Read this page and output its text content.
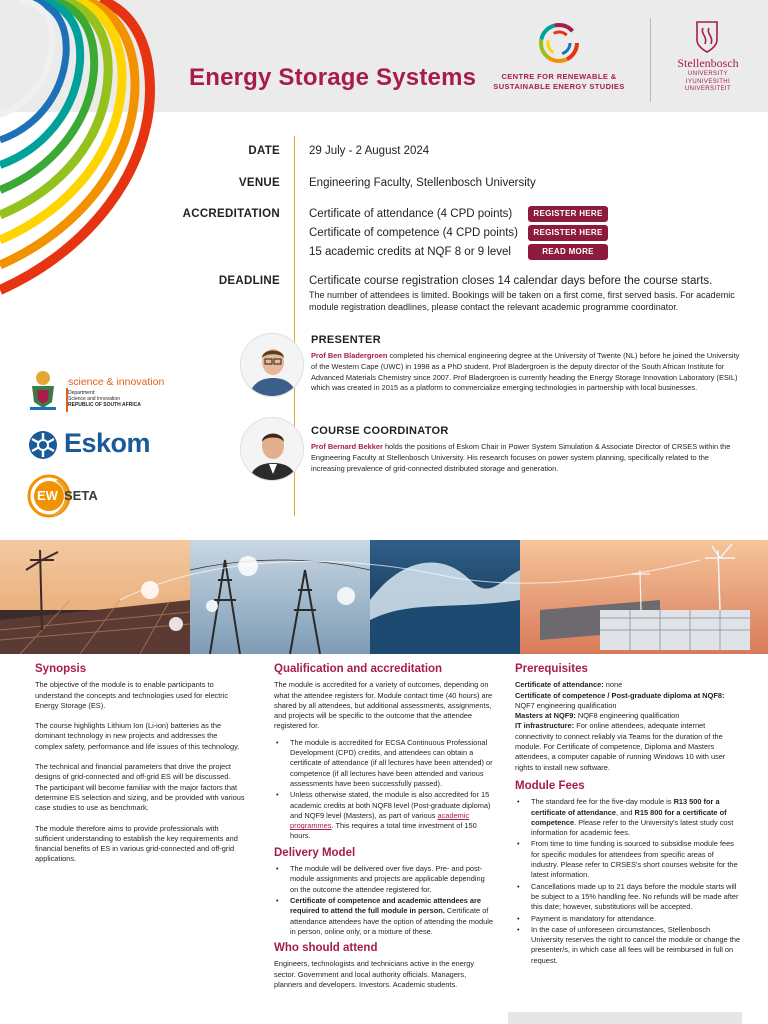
Energy Storage Systems	CENTRE FOR RENEWABLE &
SUSTAINABLE ENERGY STUDIES
Stellenbosch
UNIVERSITY
IYUNIVESITHI
UNIVERSITEIT
DATE	29 July - 2 August 2024
VENUE	Engineering Faculty, Stellenbosch University
ACCREDITATION	Certificate of attendance (4 CPD points)	REGISTER HERE
Certificate of competence (4 CPD points)	REGISTER HERE
15 academic credits at NQF 8 or 9 level	READ MORE
DEADLINE	Certificate course registration closes 14 calendar days before the course starts.
The number of attendees is limited. Bookings will be taken on a first come, first served basis. For academic module registration deadlines, please contact the relevant academic programme coordinator.
PRESENTER
Prof Ben Bladergroen completed his chemical engineering degree at the University of Twente (NL) before he joined the University of the Western Cape (UWC) in 1998 as a PhD student. Prof Bladergroen is the deputy director of the South African Institute for Advanced Materials Chemistry since 2007. Prof Bladergroen is currently heading the Energy Storage Innovation Laboratory (ESIL) which was created in 2015 as a platform to commercialize emerging technologies in partnership with local businesses.
COURSE COORDINATOR
Prof Bernard Bekker holds the positions of Eskom Chair in Power System Simulation & Associate Director of CRSES within the Engineering Faculty at Stellenbosch University. His research focuses on power system planning, specifically related to the increasing prevalence of grid-connected distributed storage and generation.
science & innovation
Department:
Science and Innovation
REPUBLIC OF SOUTH AFRICA
Eskom
EW SETA
Synopsis

The objective of the module is to enable participants to understand the concepts and technologies used for electric Energy Storage (ES).

The course highlights Lithium Ion (Li-ion) batteries as the dominant technology in new projects and addresses the complex safety, performance and life issues of this technology.

The technical and financial parameters that drive the project designs of grid-connected and off-grid ES will be discussed. The participant will become familiar with the major factors that determine ES selection and sizing, and be provided with various case studies to use as benchmark.

The module therefore aims to provide professionals with sufficient understanding to establish the key requirements and financial benefits of ES in various grid-connected and off-grid applications.

Qualification and accreditation

The module is accredited for a variety of outcomes, depending on what the attendee registers for. Module contact time (40 hours) are shared by all attendees, but additional assessments, assignments, and projects will be specific to the outcome that the attendee registered for.

• The module is accredited for ECSA Continuous Professional Development (CPD) credits, and attendees can obtain a certificate of attendance (if all lectures have been attended) or competence (if all lectures have been attended and various assessments have been successfully passed).
• Unless otherwise stated, the module is also accredited for 15 academic credits at both NQF8 level (Post-graduate diploma) and NQF9 level (Masters), as part of various academic programmes. This requires a total time investment of 150 hours.
Delivery Model
• The module will be delivered over five days. Pre- and post-module assignments and projects are applicable depending on the outcome the attendee registered for.
• Certificate of competence and academic attendees are required to attend the full module in person. Certificate of attendance attendees have the option of attending the module in person, online only, or a mixture of these.
Who should attend

Engineers, technologists and technicians active in the energy sector. Government and local authority officials. Managers, planners and developers. Investors. Academic students.

Prerequisites
Certificate of attendance: none
Certificate of competence / Post-graduate diploma at NQF8:
NQF7 engineering qualification
Masters at NQF9: NQF8 engineering qualification
IT infrastructure: For online attendees, adequate internet connectivity to connect reliably via Teams for the duration of the module. For Certificate of competence, Diploma and Masters attendees, a computer capable of running Windows 10 with user rights to install new software.
Module Fees
• The standard fee for the five-day module is R13 500 for a certificate of attendance, and R15 800 for a certificate of competence. Please refer to the University's latest study cost information for academic fees.
• From time to time funding is sourced to subsidise module fees for specific modules for attendees from specific areas of industry. Please refer to CRSES's short courses website for the latest information.
• Cancellations made up to 21 days before the module starts will be subject to a 15% handling fee. No refunds will be made after this date; however, substitutions will be accepted.
• Payment is mandatory for attendance.
• In the case of unforeseen circumstances, Stellenbosch University reserves the right to cancel the module or change the presenter/s, in which case all fees will be reimbursed in full on request.
